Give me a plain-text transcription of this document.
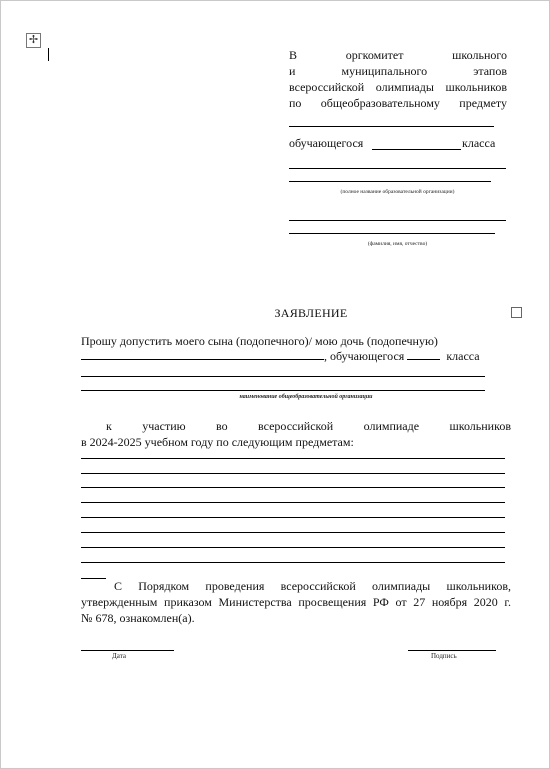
✢
В оргкомитет школьного
и муниципального этапов
всероссийской олимпиады школьников
по общеобразовательному предмету
обучающегося	класса
(полное название образовательной организации)
(фамилия, имя, отчество)
ЗАЯВЛЕНИЕ
Прошу допустить моего сына (подопечного)/ мою дочь (подопечную)
, обучающегося	класса
наименование общеобразовательной организации
к участию во всероссийской олимпиаде школьников
в 2024-2025 учебном году по следующим предметам:
С Порядком проведения всероссийской олимпиады школьников,
утвержденным приказом Министерства просвещения РФ от 27 ноября 2020 г.
№ 678, ознакомлен(а).
Дата	Подпись
